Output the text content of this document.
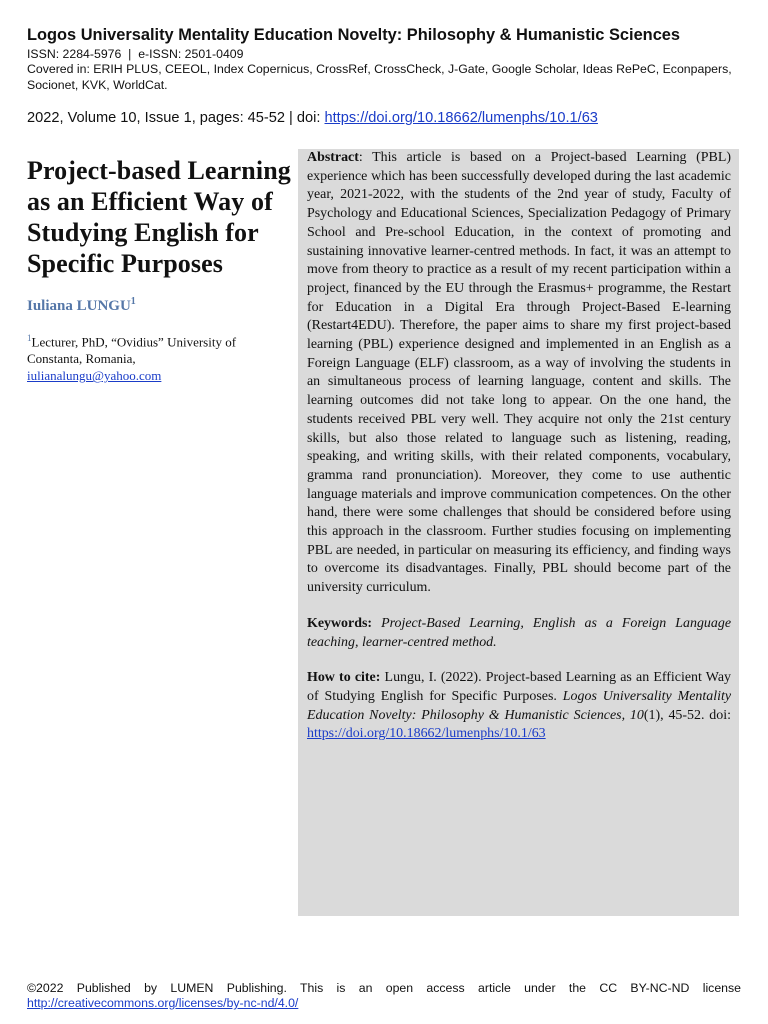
Logos Universality Mentality Education Novelty: Philosophy & Humanistic Sciences
ISSN: 2284-5976  |  e-ISSN: 2501-0409
Covered in: ERIH PLUS, CEEOL, Index Copernicus, CrossRef, CrossCheck, J-Gate, Google Scholar, Ideas RePeC, Econpapers, Socionet, KVK, WorldCat.
2022, Volume 10, Issue 1, pages: 45-52 | doi: https://doi.org/10.18662/lumenphs/10.1/63
Project-based Learning as an Efficient Way of Studying English for Specific Purposes
Iuliana LUNGU$^1$
$^1$Lecturer, PhD, “Ovidius” University of Constanta, Romania,
iulianalungu@yahoo.com

Abstract: This article is based on a Project-based Learning (PBL) experience which has been successfully developed during the last academic year, 2021-2022, with the students of the 2nd year of study, Faculty of Psychology and Educational Sciences, Specialization Pedagogy of Primary School and Pre-school Education, in the context of promoting and sustaining innovative learner-centred methods. In fact, it was an attempt to move from theory to practice as a result of my recent participation within a project, financed by the EU through the Erasmus+ programme, the Restart for Education in a Digital Era through Project-Based E-learning (Restart4EDU). Therefore, the paper aims to share my first project-based learning (PBL) experience designed and implemented in an English as a Foreign Language (ELF) classroom, as a way of involving the students in an simultaneous process of learning language, content and skills. The learning outcomes did not take long to appear. On the one hand, the students received PBL very well. They acquire not only the 21st century skills, but also those related to language such as listening, reading, speaking, and writing skills, with their related components, vocabulary, gramma rand pronunciation). Moreover, they come to use authentic language materials and improve communication competences. On the other hand, there were some challenges that should be considered before using this approach in the classroom. Further studies focusing on implementing PBL are needed, in particular on measuring its efficiency, and finding ways to overcome its disadvantages. Finally, PBL should become part of the university curriculum.

Keywords: Project-Based Learning, English as a Foreign Language teaching, learner-centred method.
How to cite: Lungu, I. (2022). Project-based Learning as an Efficient Way of Studying English for Specific Purposes. Logos Universality Mentality Education Novelty: Philosophy & Humanistic Sciences, 10(1), 45-52. doi: https://doi.org/10.18662/lumenphs/10.1/63
©2022 Published by LUMEN Publishing. This is an open access article under the CC BY-NC-ND license
http://creativecommons.org/licenses/by-nc-nd/4.0/
